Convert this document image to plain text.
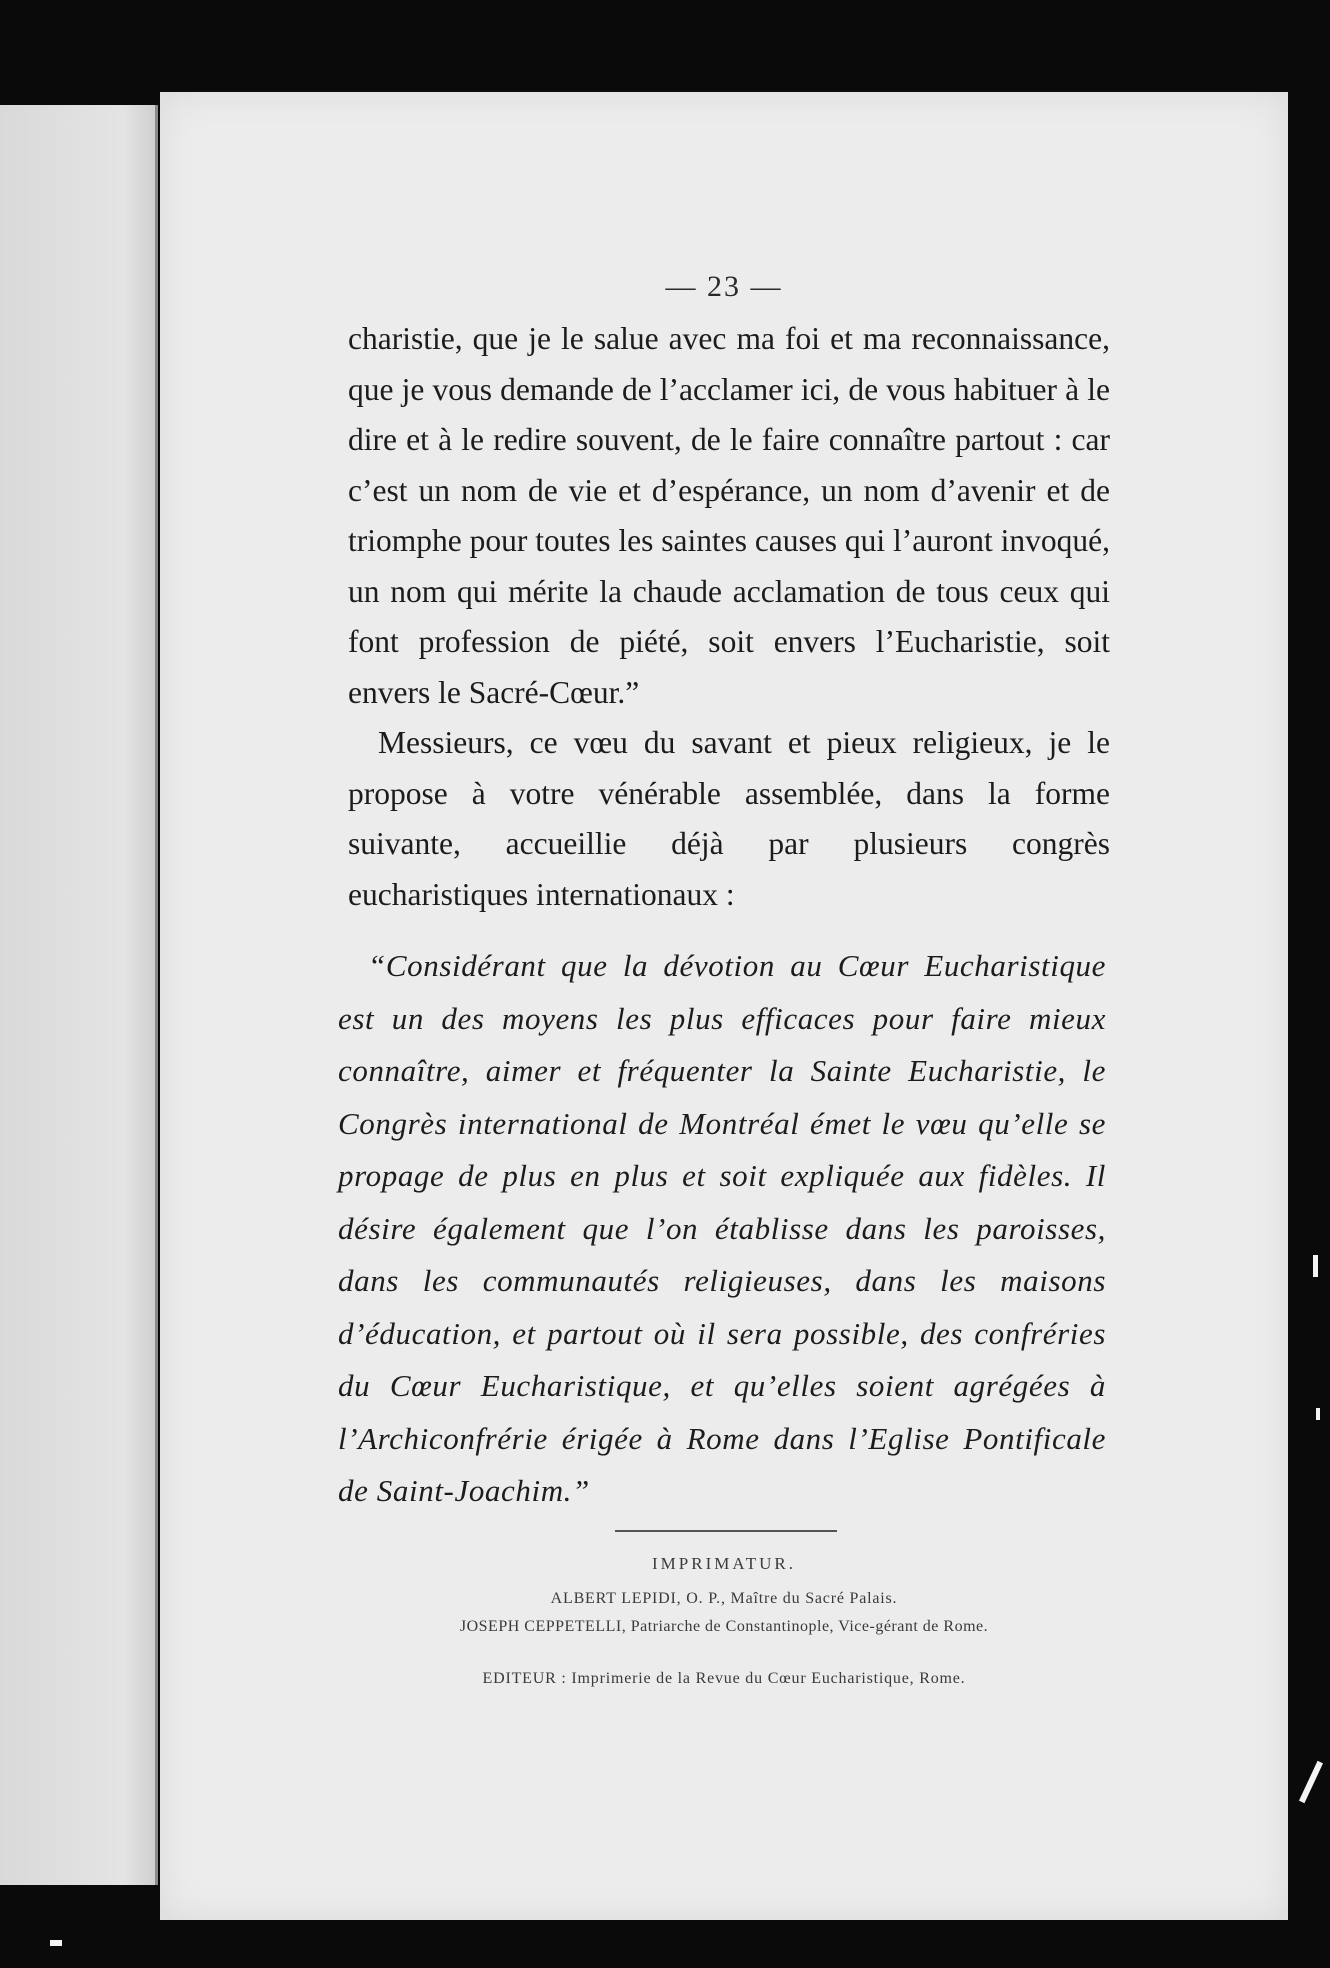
— 23 —

charistie, que je le salue avec ma foi et ma reconnaissance, que je vous demande de l’acclamer ici, de vous habituer à le dire et à le redire souvent, de le faire connaître partout : car c’est un nom de vie et d’espérance, un nom d’avenir et de triomphe pour toutes les saintes causes qui l’auront invoqué, un nom qui mérite la chaude acclamation de tous ceux qui font profession de piété, soit envers l’Eucharistie, soit envers le Sacré-Cœur.”

Messieurs, ce vœu du savant et pieux religieux, je le propose à votre vénérable assemblée, dans la forme suivante, accueillie déjà par plusieurs congrès eucharistiques internationaux :

“Considérant que la dévotion au Cœur Eucharistique est un des moyens les plus efficaces pour faire mieux connaître, aimer et fréquenter la Sainte Eucharistie, le Congrès international de Montréal émet le vœu qu’elle se propage de plus en plus et soit expliquée aux fidèles. Il désire également que l’on établisse dans les paroisses, dans les communautés religieuses, dans les maisons d’éducation, et partout où il sera possible, des confréries du Cœur Eucharistique, et qu’elles soient agrégées à l’Archiconfrérie érigée à Rome dans l’Eglise Pontificale de Saint-Joachim.”

IMPRIMATUR.
ALBERT LEPIDI, O. P., Maître du Sacré Palais.
JOSEPH CEPPETELLI, Patriarche de Constantinople, Vice-gérant de Rome.
EDITEUR : Imprimerie de la Revue du Cœur Eucharistique, Rome.
